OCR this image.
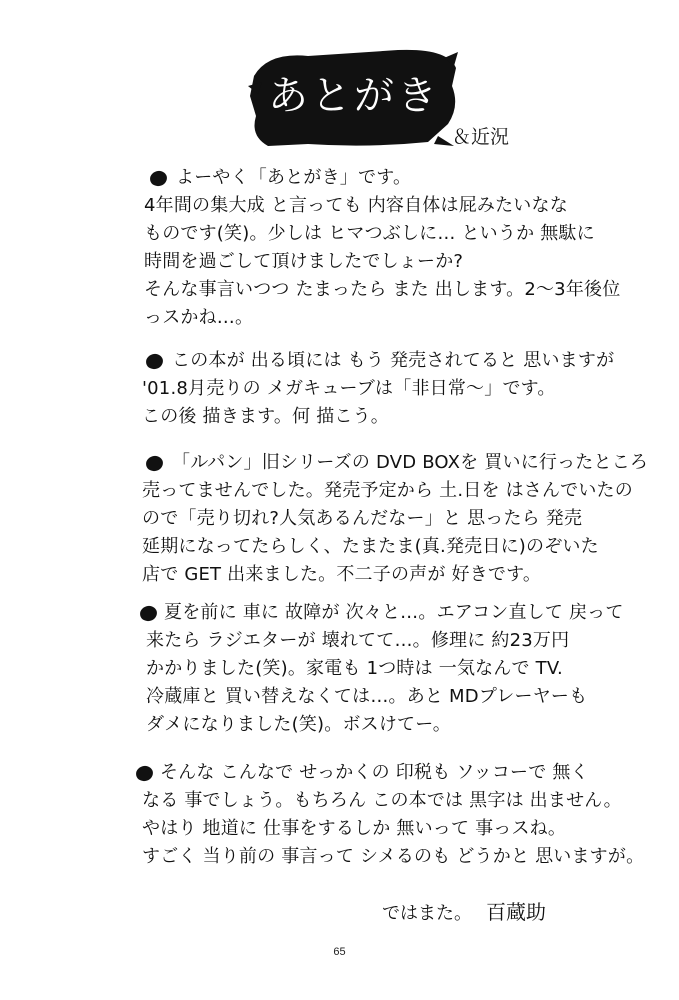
あとがき
＆近況
よーやく「あとがき」です。
4年間の集大成 と言っても 内容自体は屁みたいなな
ものです(笑)。少しは ヒマつぶしに… というか 無駄に
時間を過ごして頂けましたでしょーか?
そんな事言いつつ たまったら また 出します。2～3年後位
っスかね…。
この本が 出る頃には もう 発売されてると 思いますが
'01.8月売りの メガキューブは「非日常～」です。
この後 描きます。何 描こう。
「ルパン」旧シリーズの DVD BOXを 買いに行ったところ
売ってませんでした。発売予定から 土.日を はさんでいたの
ので「売り切れ?人気あるんだなー」と 思ったら 発売
延期になってたらしく、たまたま(真.発売日に)のぞいた
店で GET 出来ました。不二子の声が 好きです。
夏を前に 車に 故障が 次々と…。エアコン直して 戻って
来たら ラジエターが 壊れてて…。修理に 約23万円
かかりました(笑)。家電も 1つ時は 一気なんで TV.
冷蔵庫と 買い替えなくては…。あと MDプレーヤーも
ダメになりました(笑)。ボスけてー。
そんな こんなで せっかくの 印税も ソッコーで 無く
なる 事でしょう。もちろん この本では 黒字は 出ません。
やはり 地道に 仕事をするしか 無いって 事っスね。
すごく 当り前の 事言って シメるのも どうかと 思いますが。
ではまた。 百蔵助
65
